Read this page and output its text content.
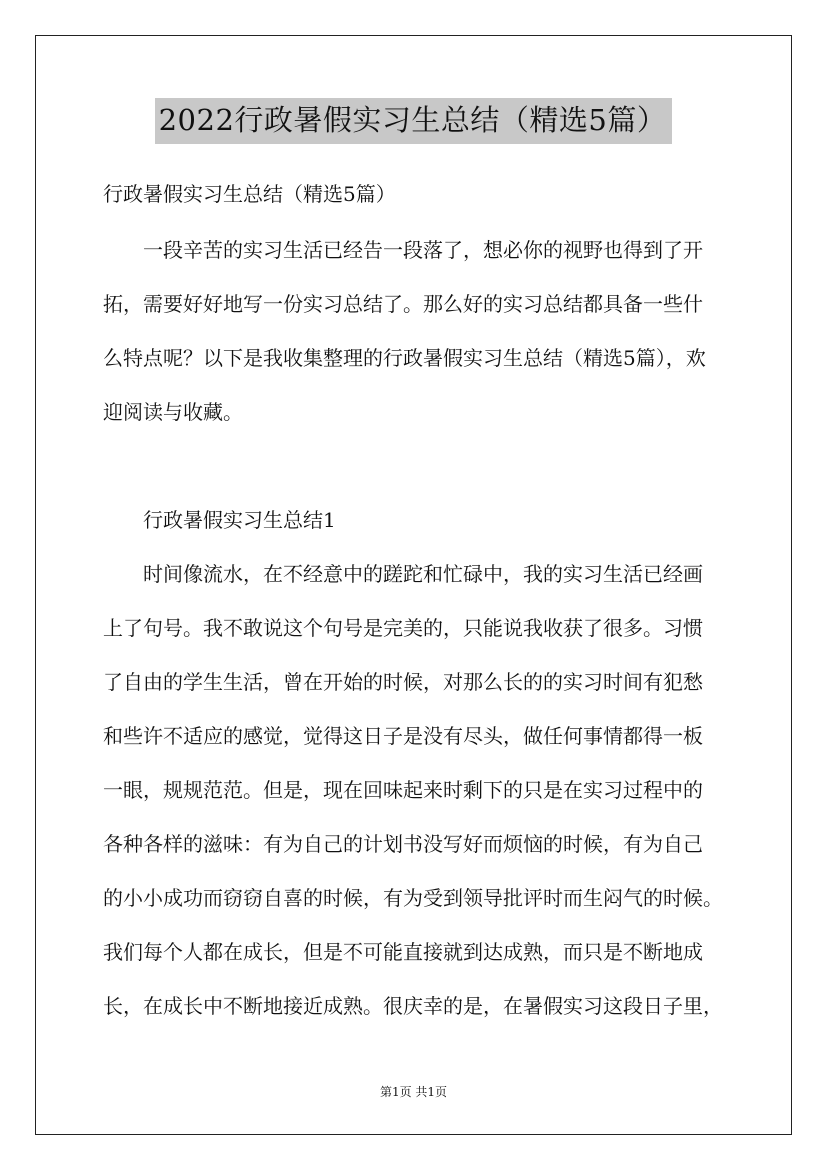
2022行政暑假实习生总结（精选5篇）
行政暑假实习生总结（精选5篇）
一段辛苦的实习生活已经告一段落了，想必你的视野也得到了开
拓，需要好好地写一份实习总结了。那么好的实习总结都具备一些什
么特点呢？以下是我收集整理的行政暑假实习生总结（精选5篇），欢
迎阅读与收藏。
行政暑假实习生总结1
时间像流水，在不经意中的蹉跎和忙碌中，我的实习生活已经画
上了句号。我不敢说这个句号是完美的，只能说我收获了很多。习惯
了自由的学生生活，曾在开始的时候，对那么长的的实习时间有犯愁
和些许不适应的感觉，觉得这日子是没有尽头，做任何事情都得一板
一眼，规规范范。但是，现在回味起来时剩下的只是在实习过程中的
各种各样的滋味：有为自己的计划书没写好而烦恼的时候，有为自己
的小小成功而窃窃自喜的时候，有为受到领导批评时而生闷气的时候。
我们每个人都在成长，但是不可能直接就到达成熟，而只是不断地成
长，在成长中不断地接近成熟。很庆幸的是，在暑假实习这段日子里，
第1页 共1页
